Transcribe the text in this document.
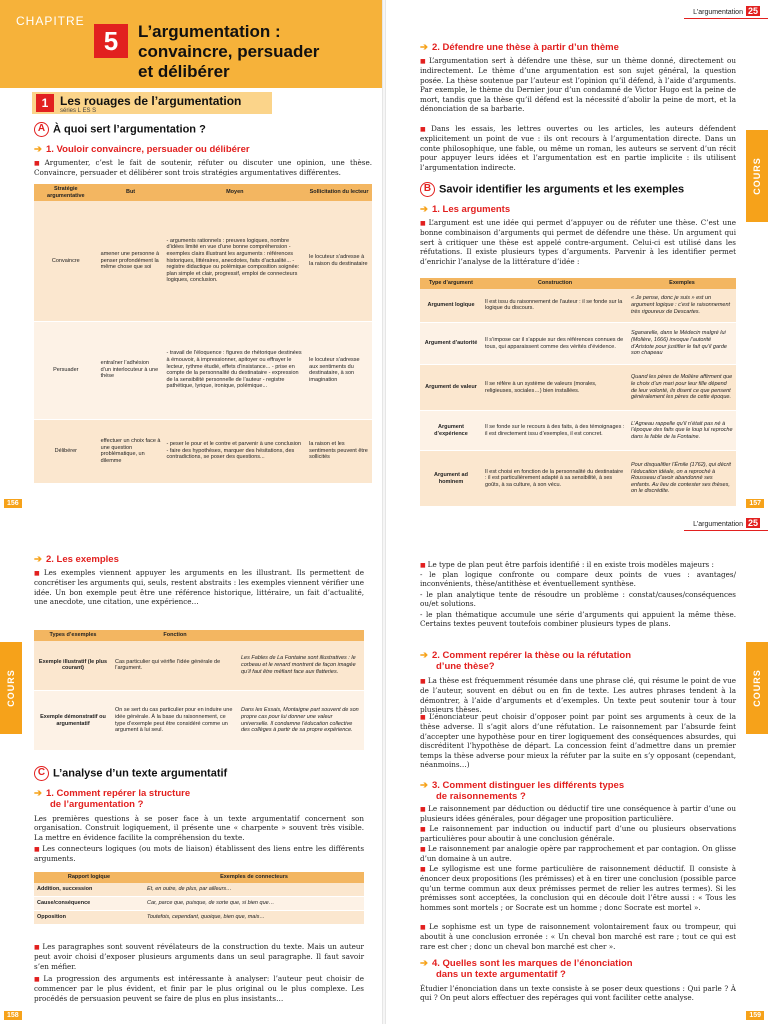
CHAPITRE
5	L’argumentation :
convaincre, persuader
et délibérer
1 Les rouages de l’argumentation
séries L ES S
A À quoi sert l’argumentation ?
➔ 1. Vouloir convaincre, persuader ou délibérer
■ Argumenter, c’est le fait de soutenir, réfuter ou discuter une opinion, une thèse. Convaincre, persuader et délibérer sont trois stratégies argumentatives différentes.
Stratégie argumentative	But	Moyen	Sollicitation du lecteur
Convaincre	amener une personne à penser profondément la même chose que soi	- arguments rationnels : preuves logiques, nombre d’idées limité en vue d’une bonne compréhension - exemples clairs illustrant les arguments : références historiques, littéraires, anecdotes, faits d’actualité... - registre didactique ou polémique composition soignée: plan simple et clair, progressif, emploi de connecteurs logiques, conclusion.	le locuteur s’adresse à la raison du destinataire
Persuader	entraîner l’adhésion d’un interlocuteur à une thèse	- travail de l’éloquence : figures de rhétorique destinées à émouvoir, à impressionner, apitoyer ou effrayer le lecteur, rythme étudié, effets d’insistance... - prise en compte de la personnalité du destinataire - expression de la sensibilité personnelle de l’auteur - registre pathétique, lyrique, ironique, polémique...	le locuteur s’adresse aux sentiments du destinataire, à son imagination
Délibérer	effectuer un choix face à une question problématique, un dilemme	- peser le pour et le contre et parvenir à une conclusion - faire des hypothèses, marquer des hésitations, des contradictions, se poser des questions...	la raison et les sentiments peuvent être sollicités
156
L’argumentation 25
➔ 2. Défendre une thèse à partir d’un thème
■ L’argumentation sert à défendre une thèse, sur un thème donné, directement ou indirectement. Le thème d’une argumentation est son sujet général, la question posée. La thèse soutenue par l’auteur est l’opinion qu’il défend, à l’aide d’arguments. Par exemple, le thème du Dernier jour d’un condamné de Victor Hugo est la peine de mort, tandis que la thèse qu’il défend est la nécessité d’abolir la peine de mort, et la dénonciation de sa barbarie.
■ Dans les essais, les lettres ouvertes ou les articles, les auteurs défendent explicitement un point de vue : ils ont recours à l’argumentation directe. Dans un conte philosophique, une fable, ou même un roman, les auteurs se servent d’un récit pour appuyer leurs idées et l’argumentation est en partie implicite : ils utilisent l’argumentation indirecte.
B Savoir identifier les arguments et les exemples
➔ 1. Les arguments
■ L’argument est une idée qui permet d’appuyer ou de réfuter une thèse. C’est une bonne combinaison d’arguments qui permet de défendre une thèse. Un argument qui sert à critiquer une thèse est appelé contre-argument. Celui-ci est utilisé dans les réfutations. Il existe plusieurs types d’arguments. Parvenir à les identifier permet d’enrichir l’analyse de la littérature d’idée :
Type d’argument	Construction	Exemples
Argument logique	Il est issu du raisonnement de l’auteur : il se fonde sur la logique du discours.	« Je pense, donc je suis » est un argument logique : c’est le raisonnement très rigoureux de Descartes.
Argument d’autorité	Il s’impose car il s’appuie sur des références connues de tous, qui apparaissent comme des vérités d’évidence.	Sganarelle, dans le Médecin malgré lui (Molière, 1666) invoque l’autorité d’Aristote pour justifier le fait qu’il garde son chapeau
Argument de valeur	Il se réfère à un système de valeurs (morales, religieuses, sociales…) bien installées.	Quand les pères de Molière affirment que le choix d’un mari pour leur fille dépend de leur volonté, ils disent ce que pensent généralement les pères de cette époque.
Argument d’expérience	Il se fonde sur le recours à des faits, à des témoignages : il est directement issu d’exemples, il est concret.	L’Agneau rappelle qu’il n’était pas né à l’époque des faits que le loup lui reproche dans la fable de la Fontaine.
Argument ad hominem	Il est choisi en fonction de la personnalité du destinataire : il est particulièrement adapté à sa sensibilité, à ses goûts, à sa culture, à son vécu.	Pour disqualifier l’Émile (1762), qui décrit l’éducation idéale, on a reproché à Rousseau d’avoir abandonné ses enfants. Au lieu de contester ses thèses, on le discrédite.
COURS
157
COURS
➔ 2. Les exemples
■ Les exemples viennent appuyer les arguments en les illustrant. Ils permettent de concrétiser les arguments qui, seuls, restent abstraits : les exemples viennent vérifier une idée. Un bon exemple peut être une référence historique, littéraire, un fait d’actualité, une anecdote, une citation, une expérience…
Types d’exemples	Fonction	
Exemple illustratif (le plus courant)	Cas particulier qui vérifie l’idée générale de l’argument.	Les Fables de La Fontaine sont illustratives : le corbeau et le renard montrent de façon imagée qu’il faut être méfiant face aux flatteries.
Exemple démonstratif ou argumentatif	On se sert du cas particulier pour en induire une idée générale. À la base du raisonnement, ce type d’exemple peut être considéré comme un argument à lui seul.	Dans les Essais, Montaigne part souvent de son propre cas pour lui donner une valeur universelle. Il condamne l’éducation collective des collèges à partir de sa propre expérience.
C L’analyse d’un texte argumentatif
➔ 1. Comment repérer la structure
de l’argumentation ?
Les premières questions à se poser face à un texte argumentatif concernent son organisation. Construit logiquement, il présente une « charpente » souvent très visible. La mettre en évidence facilite la compréhension du texte.
■ Les connecteurs logiques (ou mots de liaison) établissent des liens entre les différents arguments.
Rapport logique	Exemples de connecteurs
Addition, succession	Et, en outre, de plus, par ailleurs…
Cause/conséquence	Car, parce que, puisque, de sorte que, si bien que…
Opposition	Toutefois, cependant, quoique, bien que, mais…
■ Les paragraphes sont souvent révélateurs de la construction du texte. Mais un auteur peut avoir choisi d’exposer plusieurs arguments dans un seul paragraphe. Il faut savoir s’en méfier.
■ La progression des arguments est intéressante à analyser: l’auteur peut choisir de commencer par le plus évident, et finir par le plus original ou le plus complexe. Les procédés de persuasion peuvent se faire de plus en plus insistants…
158
L’argumentation 25
■ Le type de plan peut être parfois identifié : il en existe trois modèles majeurs :
- le plan logique confronte ou compare deux points de vues : avantages/ inconvénients, thèse/antithèse et éventuellement synthèse.
- le plan analytique tente de résoudre un problème : constat/causes/conséquences ou/et solutions.
- le plan thématique accumule une série d’arguments qui appuient la même thèse. Certains textes peuvent toutefois combiner plusieurs types de plans.
➔ 2. Comment repérer la thèse ou la réfutation
d’une thèse?
■ La thèse est fréquemment résumée dans une phrase clé, qui résume le point de vue de l’auteur, souvent en début ou en fin de texte. Les autres phrases tendent à la démontrer, à l’aide d’arguments et d’exemples. Un texte peut soutenir tour à tour plusieurs thèses.
■ L’énonciateur peut choisir d’opposer point par point ses arguments à ceux de la thèse adverse. Il s’agit alors d’une réfutation. Le raisonnement par l’absurde feint d’accepter une hypothèse pour en tirer logiquement des conséquences absurdes, qui discréditent l’hypothèse de départ. La concession feint d’admettre dans un premier temps la thèse adverse pour mieux la réfuter par la suite en s’y opposant (cependant, néanmoins…)
➔ 3. Comment distinguer les différents types
de raisonnements ?
■ Le raisonnement par déduction ou déductif tire une conséquence à partir d’une ou plusieurs idées générales, pour dégager une proposition particulière.
■ Le raisonnement par induction ou inductif part d’une ou plusieurs observations particulières pour aboutir à une conclusion générale.
■ Le raisonnement par analogie opère par rapprochement et par contagion. On glisse d’un domaine à un autre.
■ Le syllogisme est une forme particulière de raisonnement déductif. Il consiste à énoncer deux propositions (les prémisses) et à en tirer une conclusion (possible parce qu’un terme commun aux deux prémisses permet de relier les autres termes). Si les prémisses sont acceptées, la conclusion qui en découle doit l’être aussi : « Tous les hommes sont mortels ; or Socrate est un homme ; donc Socrate est mortel ».
■ Le sophisme est un type de raisonnement volontairement faux ou trompeur, qui aboutit à une conclusion erronée : « Un cheval bon marché est rare ; tout ce qui est rare est cher ; donc un cheval bon marché est cher ».
➔ 4. Quelles sont les marques de l’énonciation
dans un texte argumentatif ?
Étudier l’énonciation dans un texte consiste à se poser deux questions : Qui parle ? À qui ? On peut alors effectuer des repérages qui vont faciliter cette analyse.
COURS
159
